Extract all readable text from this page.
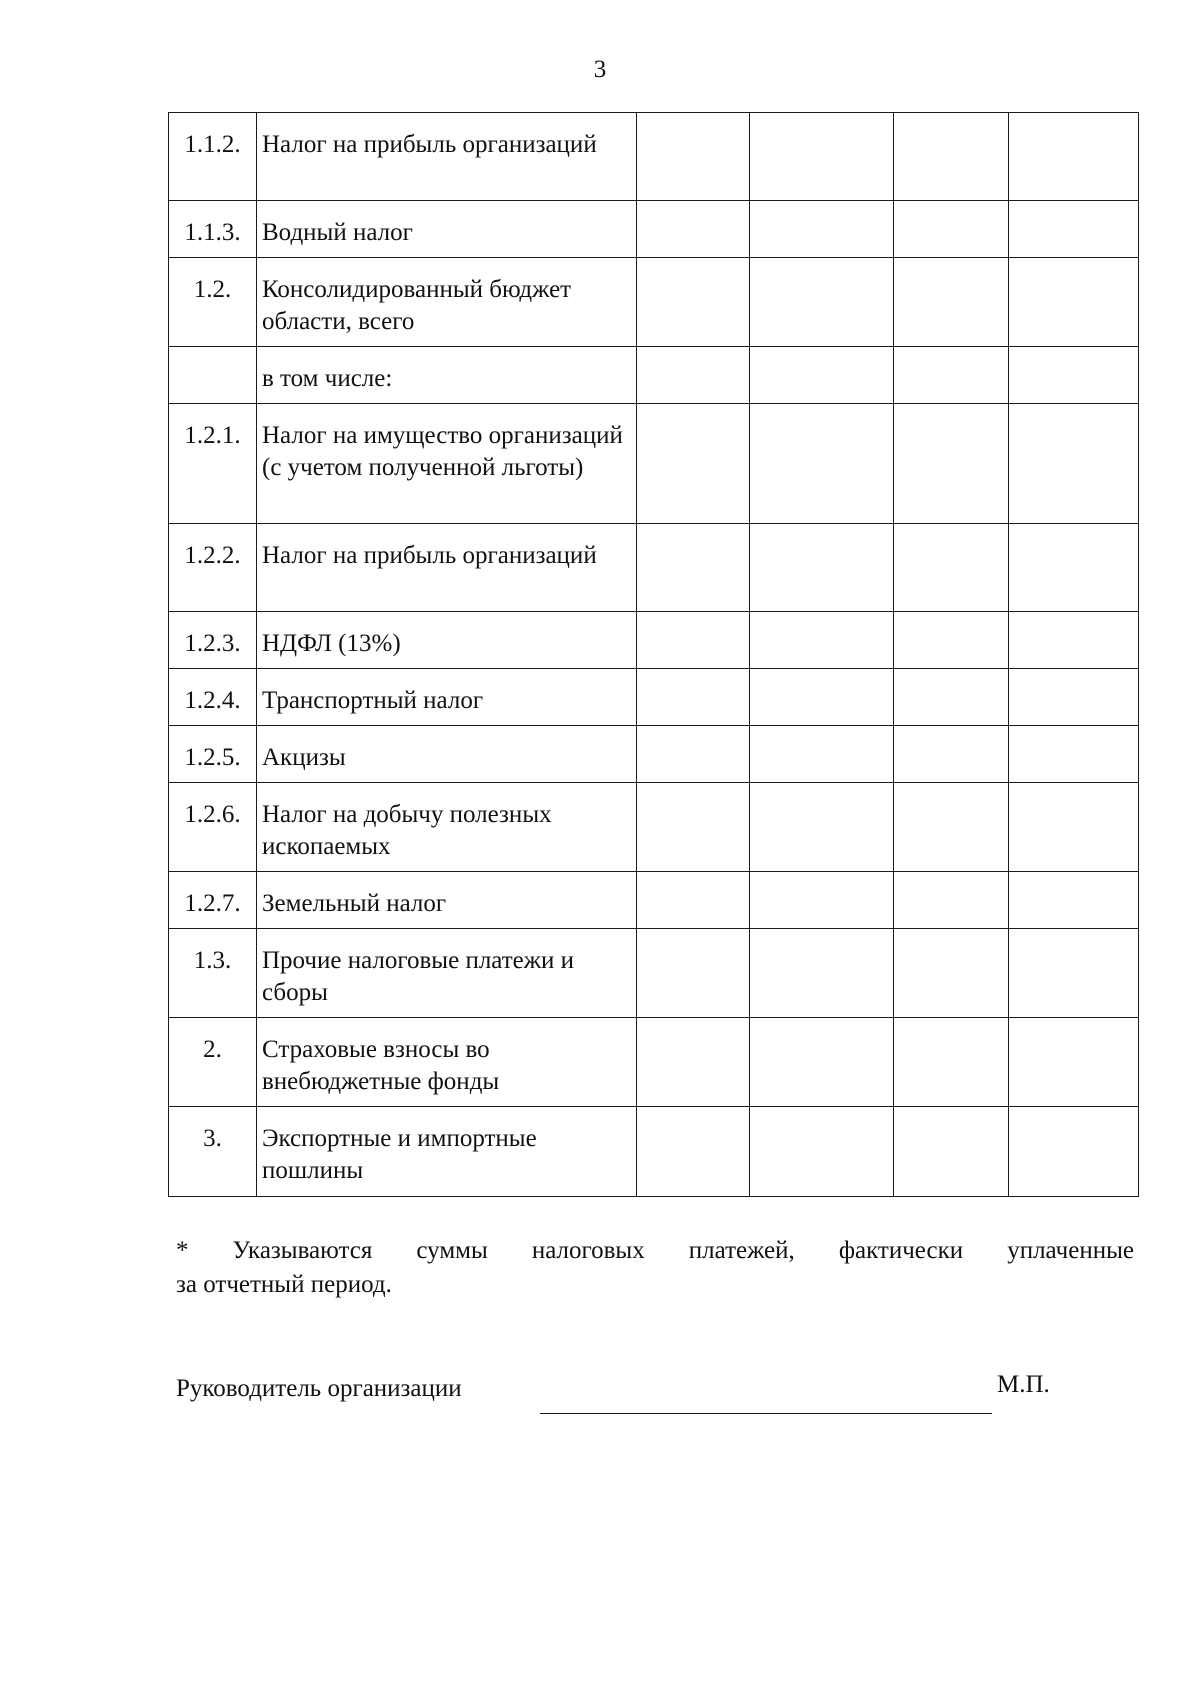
3
1.1.2.	Налог на прибыль организаций				
1.1.3.	Водный налог				
1.2.	Консолидированный бюджет области, всего				
	в том числе:				
1.2.1.	Налог на имущество организаций (с учетом полученной льготы)				
1.2.2.	Налог на прибыль организаций				
1.2.3.	НДФЛ (13%)				
1.2.4.	Транспортный налог				
1.2.5.	Акцизы				
1.2.6.	Налог на добычу полезных ископаемых				
1.2.7.	Земельный налог				
1.3.	Прочие налоговые платежи и сборы				
2.	Страховые взносы во внебюджетные фонды				
3.	Экспортные и импортные пошлины				
* Указываются суммы налоговых платежей, фактически уплаченные
за отчетный период.
Руководитель организации	М.П.
